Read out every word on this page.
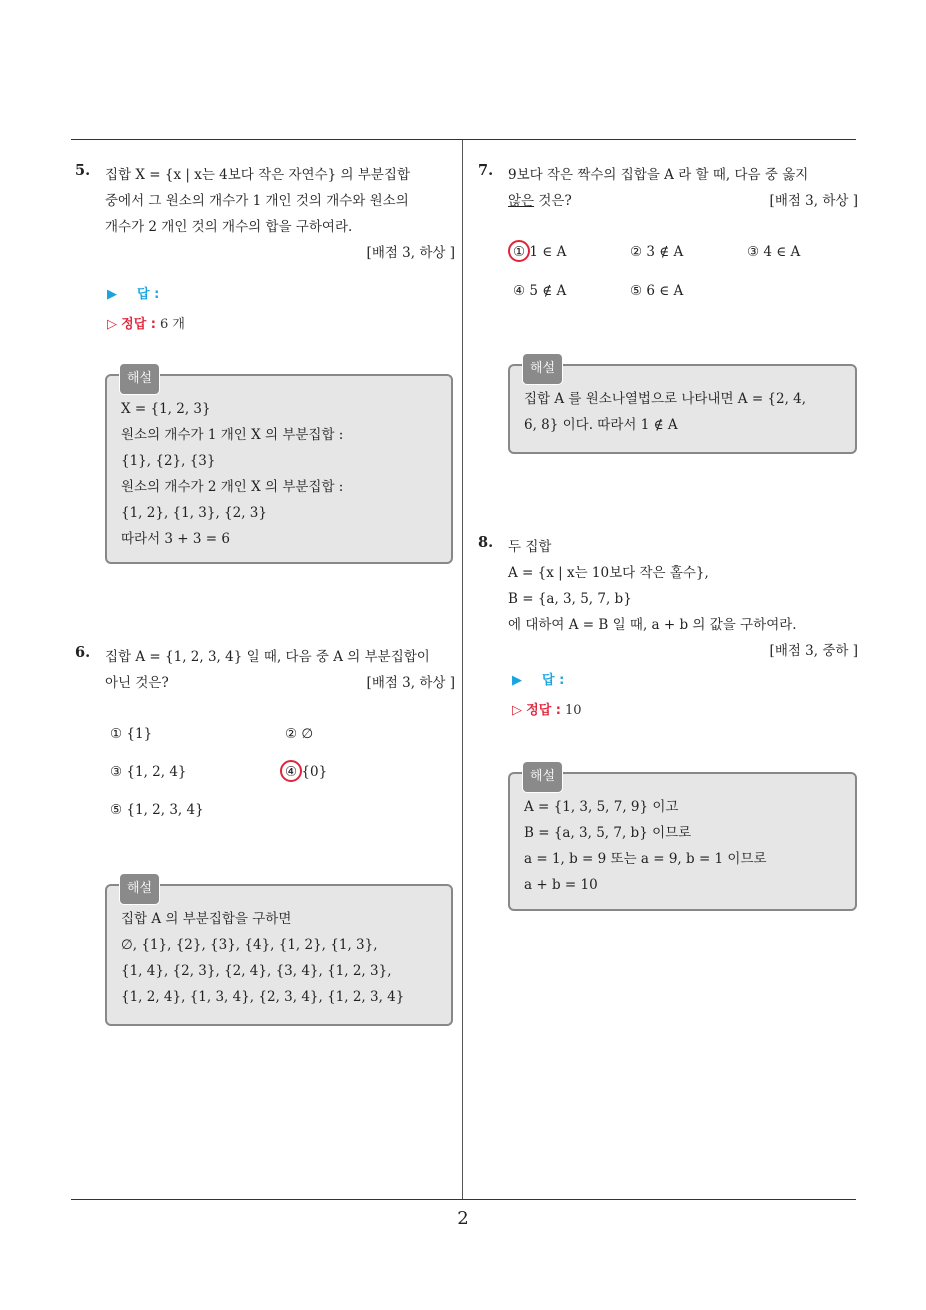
2
5.	집합 X = {x | x는 4보다 작은 자연수} 의 부분집합
중에서 그 원소의 개수가 1 개인 것의 개수와 원소의
개수가 2 개인 것의 개수의 합을 구하여라.
[배점 3, 하상 ]
▶ 답 :
▷ 정답 : 6 개
해설
X = {1, 2, 3}
원소의 개수가 1 개인 X 의 부분집합 :
{1}, {2}, {3}
원소의 개수가 2 개인 X 의 부분집합 :
{1, 2}, {1, 3}, {2, 3}
따라서 3 + 3 = 6
6.	집합 A = {1, 2, 3, 4} 일 때, 다음 중 A 의 부분집합이
아닌 것은?	[배점 3, 하상 ]
① {1}	② ∅
③ {1, 2, 4}	④ {0}
⑤ {1, 2, 3, 4}
해설
집합 A 의 부분집합을 구하면
∅, {1}, {2}, {3}, {4}, {1, 2}, {1, 3},
{1, 4}, {2, 3}, {2, 4}, {3, 4}, {1, 2, 3},
{1, 2, 4}, {1, 3, 4}, {2, 3, 4}, {1, 2, 3, 4}
7.	9보다 작은 짝수의 집합을 A 라 할 때, 다음 중 옳지
않은 것은?	[배점 3, 하상 ]
① 1 ∈ A	② 3 ∉ A	③ 4 ∈ A
④ 5 ∉ A	⑤ 6 ∈ A
해설
집합 A 를 원소나열법으로 나타내면 A = {2, 4,
6, 8} 이다. 따라서 1 ∉ A
8.	두 집합
A = {x | x는 10보다 작은 홀수},
B = {a, 3, 5, 7, b}
에 대하여 A = B 일 때, a + b 의 값을 구하여라.
[배점 3, 중하 ]
▶ 답 :
▷ 정답 : 10
해설
A = {1, 3, 5, 7, 9} 이고
B = {a, 3, 5, 7, b} 이므로
a = 1, b = 9 또는 a = 9, b = 1 이므로
a + b = 10
